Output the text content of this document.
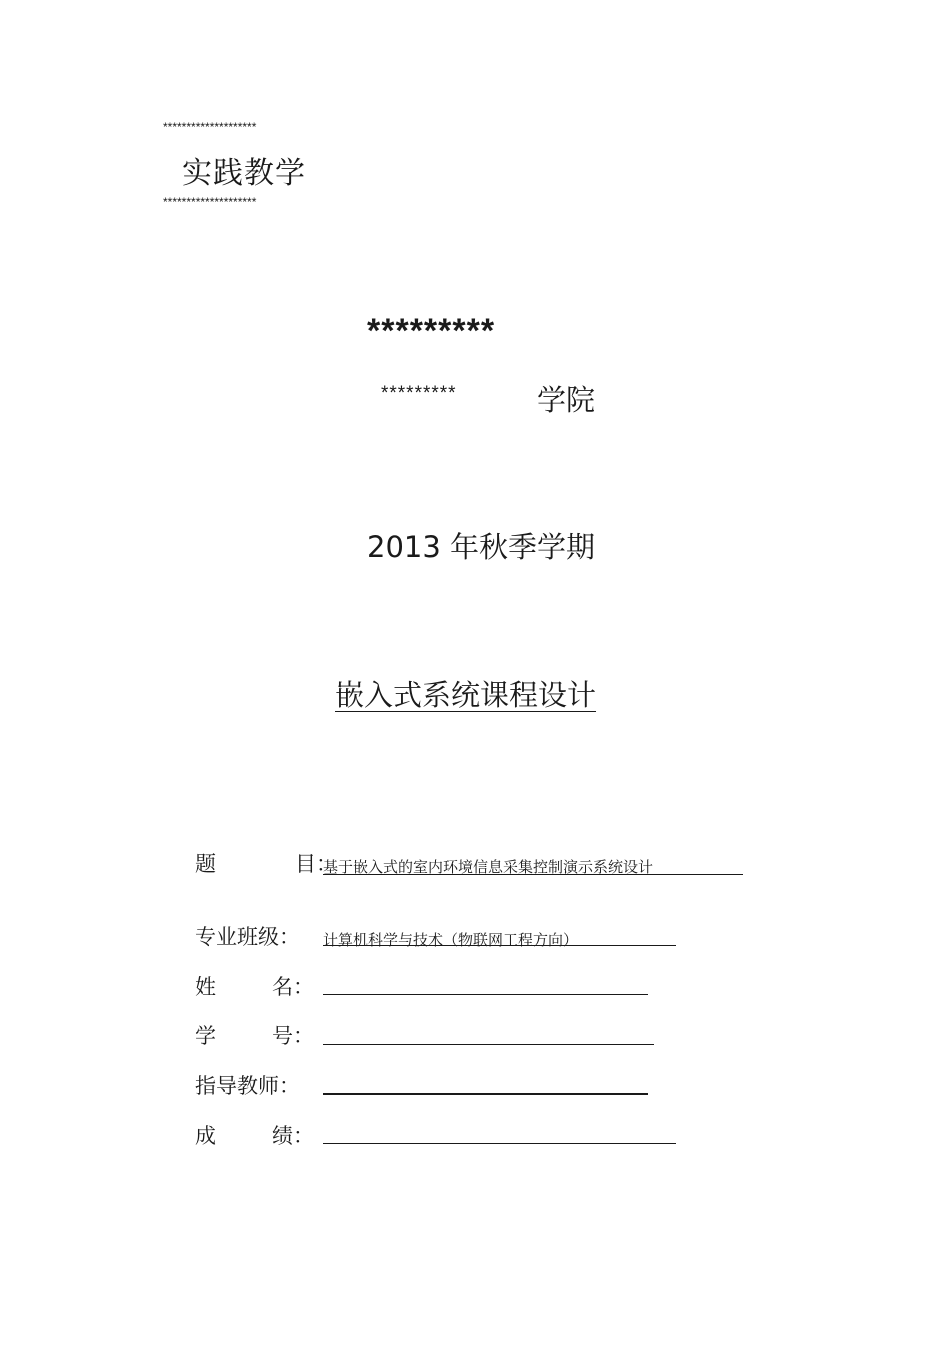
********************
实践教学
********************
*********
*********	学院
2013 年秋季学期
嵌入式系统课程设计
题	目：
基于嵌入式的室内环境信息采集控制演示系统设计
专业班级： 计算机科学与技术（物联网工程方向）
姓	名：
学	号：
指导教师：
成	绩：
